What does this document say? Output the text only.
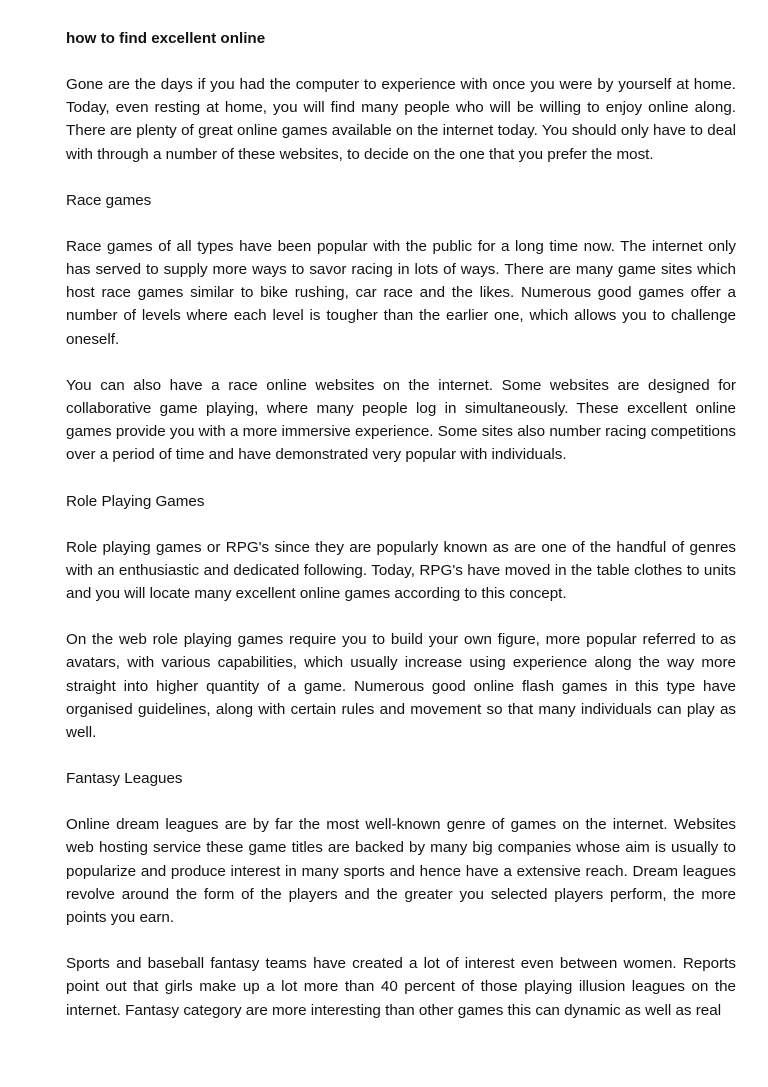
how to find excellent online

Gone are the days if you had the computer to experience with once you were by yourself at home. Today, even resting at home, you will find many people who will be willing to enjoy online along. There are plenty of great online games available on the internet today. You should only have to deal with through a number of these websites, to decide on the one that you prefer the most.

Race games

Race games of all types have been popular with the public for a long time now. The internet only has served to supply more ways to savor racing in lots of ways. There are many game sites which host race games similar to bike rushing, car race and the likes. Numerous good games offer a number of levels where each level is tougher than the earlier one, which allows you to challenge oneself.

You can also have a race online websites on the internet. Some websites are designed for collaborative game playing, where many people log in simultaneously. These excellent online games provide you with a more immersive experience. Some sites also number racing competitions over a period of time and have demonstrated very popular with individuals.

Role Playing Games

Role playing games or RPG's since they are popularly known as are one of the handful of genres with an enthusiastic and dedicated following. Today, RPG's have moved in the table clothes to units and you will locate many excellent online games according to this concept.

On the web role playing games require you to build your own figure, more popular referred to as avatars, with various capabilities, which usually increase using experience along the way more straight into higher quantity of a game. Numerous good online flash games in this type have organised guidelines, along with certain rules and movement so that many individuals can play as well.

Fantasy Leagues

Online dream leagues are by far the most well-known genre of games on the internet. Websites web hosting service these game titles are backed by many big companies whose aim is usually to popularize and produce interest in many sports and hence have a extensive reach. Dream leagues revolve around the form of the players and the greater you selected players perform, the more points you earn.

Sports and baseball fantasy teams have created a lot of interest even between women. Reports point out that girls make up a lot more than 40 percent of those playing illusion leagues on the internet. Fantasy category are more interesting than other games this can dynamic as well as real
